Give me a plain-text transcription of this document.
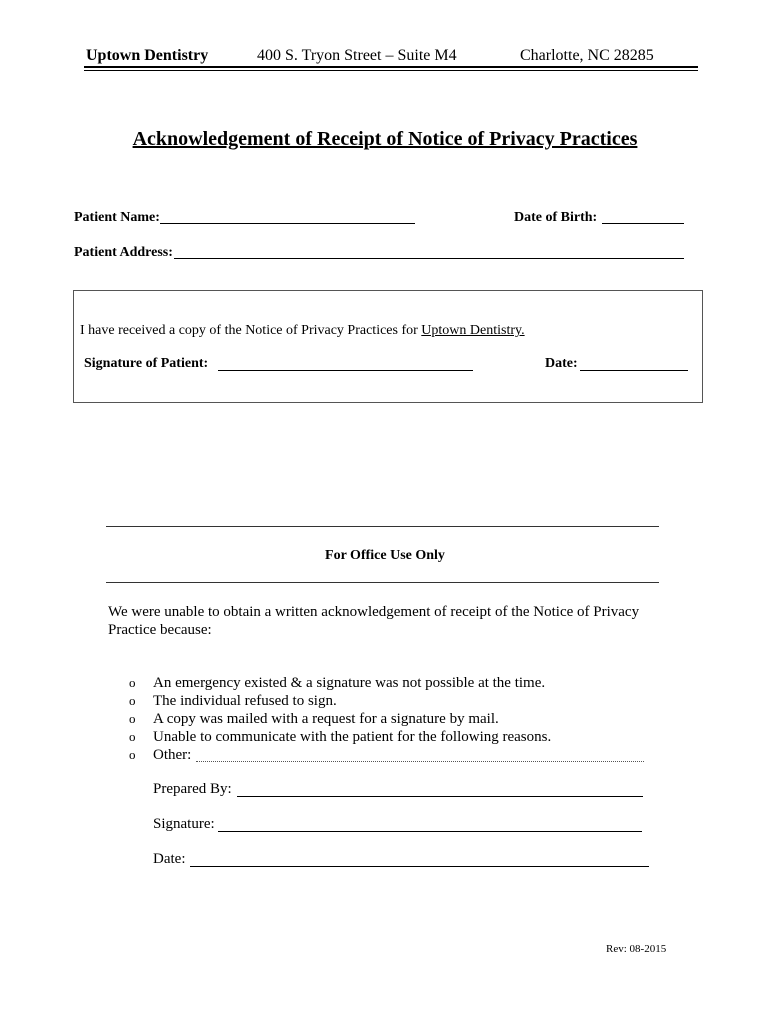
Uptown Dentistry	400 S. Tryon Street – Suite M4	Charlotte, NC 28285
Acknowledgement of Receipt of Notice of Privacy Practices
Patient Name:	Date of Birth:
Patient Address:
I have received a copy of the Notice of Privacy Practices for Uptown Dentistry.
Signature of Patient:	Date:
For Office Use Only
We were unable to obtain a written acknowledgement of receipt of the Notice of Privacy
Practice because:
o An emergency existed & a signature was not possible at the time.
o The individual refused to sign.
o A copy was mailed with a request for a signature by mail.
o Unable to communicate with the patient for the following reasons.
o Other:
Prepared By:
Signature:
Date:
Rev: 08-2015
